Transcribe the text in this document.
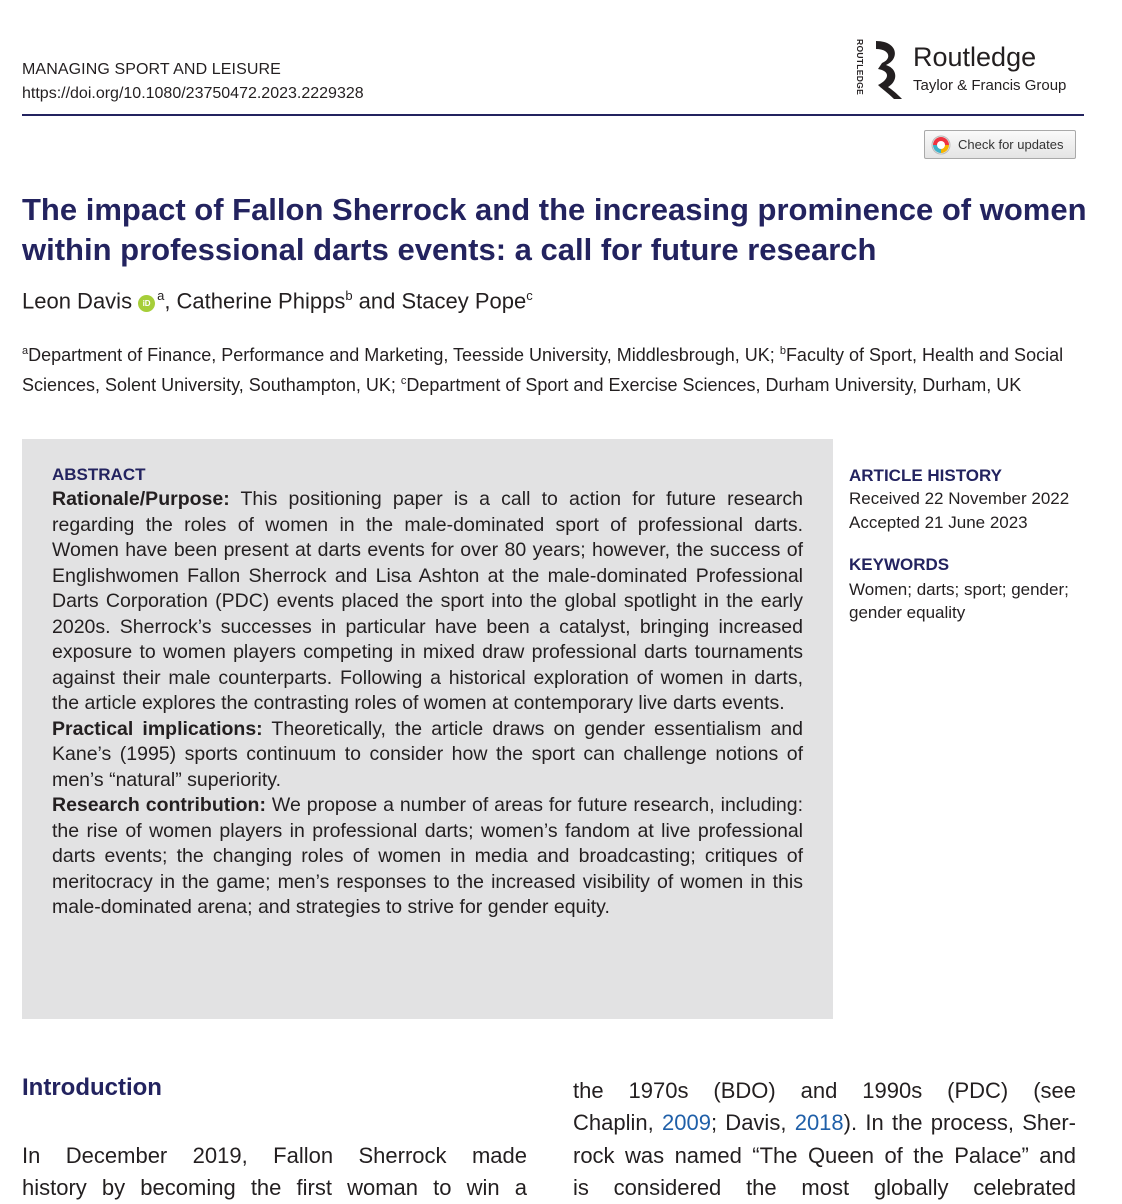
MANAGING SPORT AND LEISURE
https://doi.org/10.1080/23750472.2023.2229328	ROUTLEDGE Routledge
Taylor & Francis Group
Check for updates
The impact of Fallon Sherrock and the increasing prominence of women within professional darts events: a call for future research
Leon Davis $iD^a$, Catherine Phipps$^b$ and Stacey Pope$^c$
$^a$Department of Finance, Performance and Marketing, Teesside University, Middlesbrough, UK; $^b$Faculty of Sport, Health and Social Sciences, Solent University, Southampton, UK; $^c$Department of Sport and Exercise Sciences, Durham University, Durham, UK
ABSTRACT
Rationale/Purpose: This positioning paper is a call to action for future research regarding the roles of women in the male-dominated sport of professional darts. Women have been present at darts events for over 80 years; however, the success of Englishwomen Fallon Sherrock and Lisa Ashton at the male-dominated Professional Darts Corporation (PDC) events placed the sport into the global spotlight in the early 2020s. Sherrock’s successes in particular have been a catalyst, bringing increased exposure to women players competing in mixed draw professional darts tournaments against their male counterparts. Following a historical exploration of women in darts, the article explores the contrasting roles of women at contemporary live darts events.
Practical implications: Theoretically, the article draws on gender essentialism and Kane’s (1995) sports continuum to consider how the sport can challenge notions of men’s “natural” superiority.
Research contribution: We propose a number of areas for future research, including: the rise of women players in professional darts; women’s fandom at live professional darts events; the changing roles of women in media and broadcasting; critiques of meritocracy in the game; men’s responses to the increased visibility of women in this male-dominated arena; and strategies to strive for gender equity.
ARTICLE HISTORY
Received 22 November 2022
Accepted 21 June 2023
KEYWORDS
Women; darts; sport; gender;
gender equality
Introduction
In December 2019, Fallon Sherrock made
history by becoming the first woman to win a
the 1970s (BDO) and 1990s (PDC) (see
Chaplin, 2009; Davis, 2018). In the process, Sher-
rock was named “The Queen of the Palace” and
is considered the most globally celebrated
